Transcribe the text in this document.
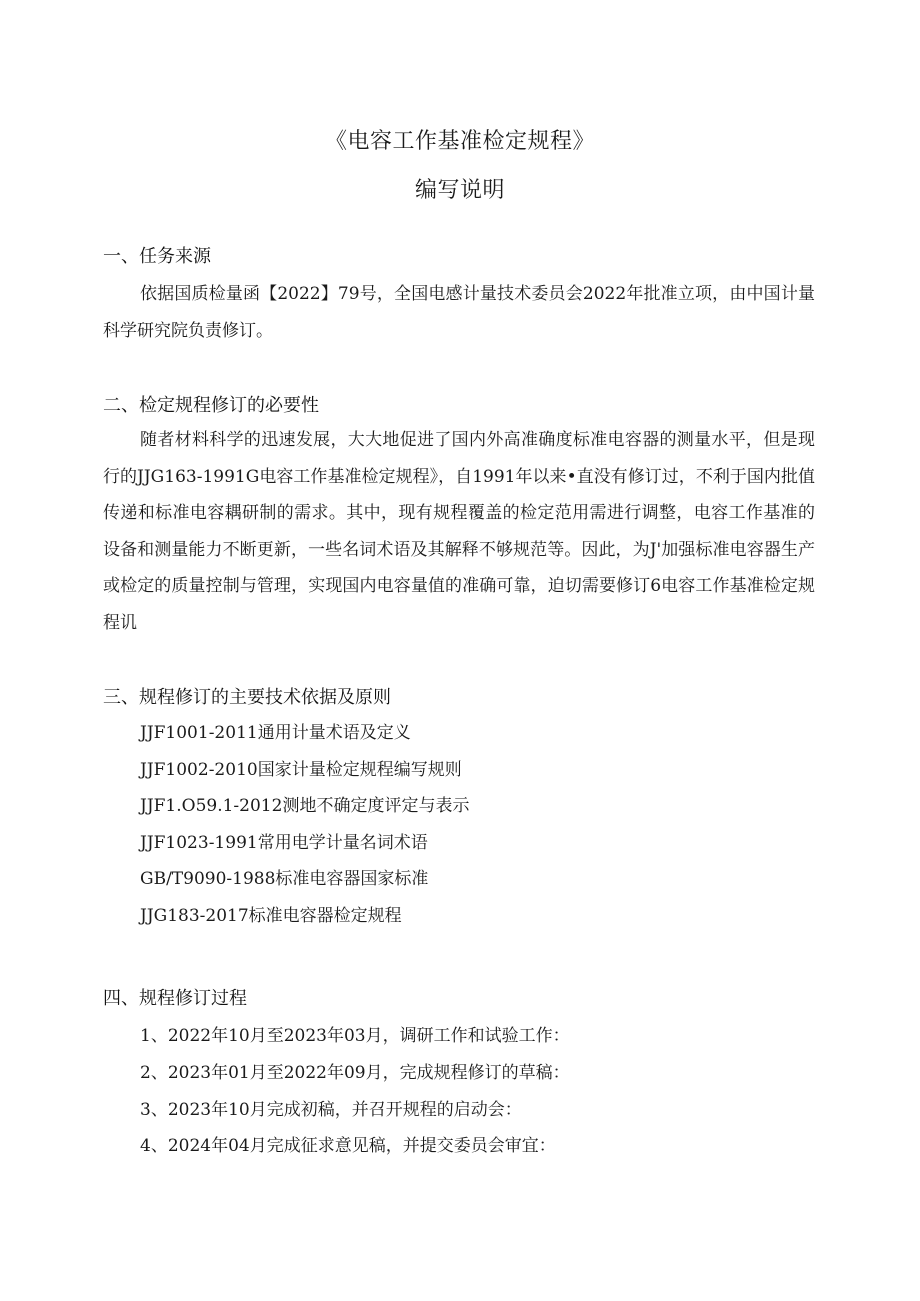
《电容工作基准检定规程》
编写说明
一、任务来源

依据国质检量函【2022】79号，全国电感计量技术委员会2022年批准立项，由中国计量科学研究院负责修订。

二、检定规程修订的必要性

随者材料科学的迅速发展，大大地促进了国内外高准确度标准电容器的测量水平，但是现行的JJG163-1991G电容工作基准检定规程》，自1991年以来•直没有修订过，不利于国内批值传递和标准电容耦研制的需求。其中，现有规程覆盖的检定范用需进行调整，电容工作基准的设备和测量能力不断更新，一些名词术语及其解释不够规范等。因此，为J'加强标准电容器生产或检定的质量控制与管理，实现国内电容量值的准确可靠，迫切需要修订6电容工作基准检定规程讥

三、规程修订的主要技术依据及原则
JJF1001-2011通用计量术语及定义
JJF1002-2010国家计量检定规程编写规则
JJF1.O59.1-2012测地不确定度评定与表示
JJF1023-1991常用电学计量名词术语
GB/T9090-1988标准电容器国家标准
JJG183-2017标准电容器检定规程
四、规程修订过程
1、2022年10月至2023年03月，调研工作和试验工作：
2、2023年01月至2022年09月，完成规程修订的草稿：
3、2023年10月完成初稿，并召开规程的启动会：
4、2024年04月完成征求意见稿，并提交委员会审宜：
